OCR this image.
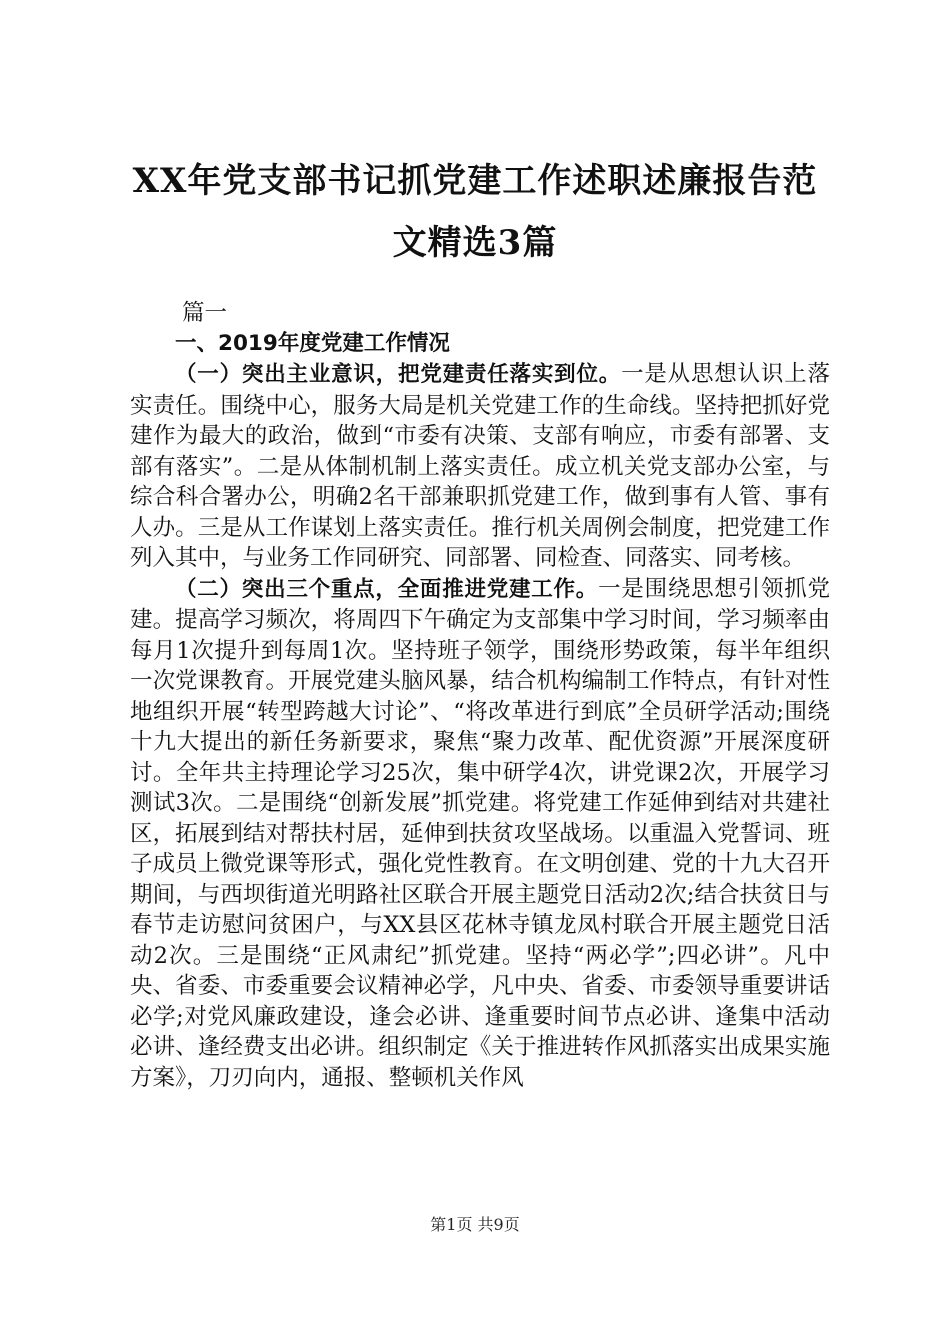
XX年党支部书记抓党建工作述职述廉报告范
文精选3篇

篇一

一、2019年度党建工作情况

（一）突出主业意识，把党建责任落实到位。一是从思想认识上落实责任。围绕中心，服务大局是机关党建工作的生命线。坚持把抓好党建作为最大的政治，做到“市委有决策、支部有响应，市委有部署、支部有落实”。二是从体制机制上落实责任。成立机关党支部办公室，与综合科合署办公，明确2名干部兼职抓党建工作，做到事有人管、事有人办。三是从工作谋划上落实责任。推行机关周例会制度，把党建工作列入其中，与业务工作同研究、同部署、同检查、同落实、同考核。

（二）突出三个重点，全面推进党建工作。一是围绕思想引领抓党建。提高学习频次，将周四下午确定为支部集中学习时间，学习频率由每月1次提升到每周1次。坚持班子领学，围绕形势政策，每半年组织一次党课教育。开展党建头脑风暴，结合机构编制工作特点，有针对性地组织开展“转型跨越大讨论”、“将改革进行到底”全员研学活动;围绕十九大提出的新任务新要求，聚焦“聚力改革、配优资源”开展深度研讨。全年共主持理论学习25次，集中研学4次，讲党课2次，开展学习测试3次。二是围绕“创新发展”抓党建。将党建工作延伸到结对共建社区，拓展到结对帮扶村居，延伸到扶贫攻坚战场。以重温入党誓词、班子成员上微党课等形式，强化党性教育。在文明创建、党的十九大召开期间，与西坝街道光明路社区联合开展主题党日活动2次;结合扶贫日与春节走访慰问贫困户，与XX县区花林寺镇龙凤村联合开展主题党日活动2次。三是围绕“正风肃纪”抓党建。坚持“两必学”;四必讲”。凡中央、省委、市委重要会议精神必学，凡中央、省委、市委领导重要讲话必学;对党风廉政建设，逢会必讲、逢重要时间节点必讲、逢集中活动必讲、逢经费支出必讲。组织制定《关于推进转作风抓落实出成果实施方案》，刀刃向内，通报、整顿机关作风

第1页 共9页
